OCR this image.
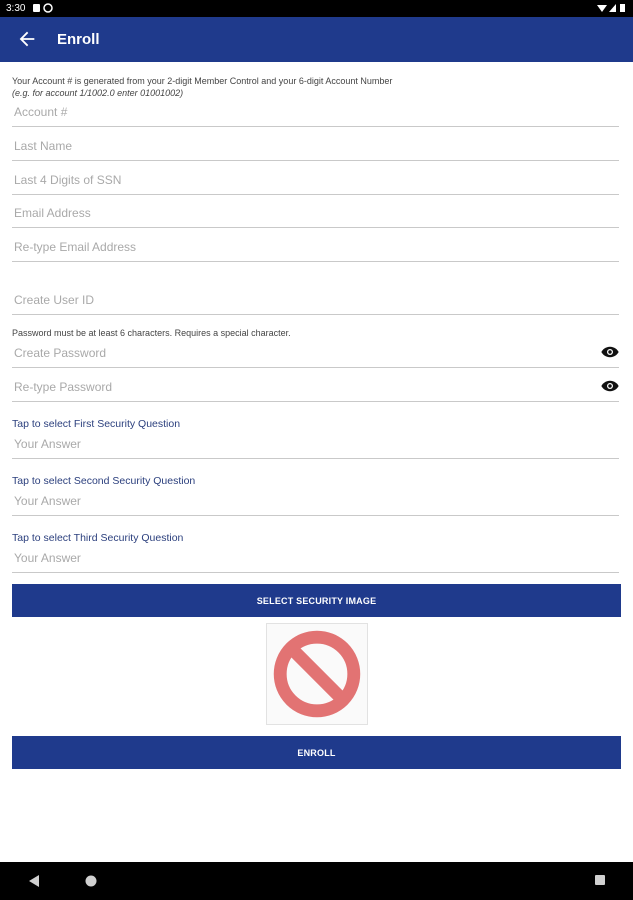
3:30
Enroll
Your Account # is generated from your 2-digit Member Control and your 6-digit Account Number
(e.g. for account 1/1002.0 enter 01001002)
Account #
Last Name
Last 4 Digits of SSN
Email Address
Re-type Email Address
Create User ID
Password must be at least 6 characters. Requires a special character.
Create Password
Re-type Password
Tap to select First Security Question
Your Answer
Tap to select Second Security Question
Your Answer
Tap to select Third Security Question
Your Answer
SELECT SECURITY IMAGE
ENROLL
